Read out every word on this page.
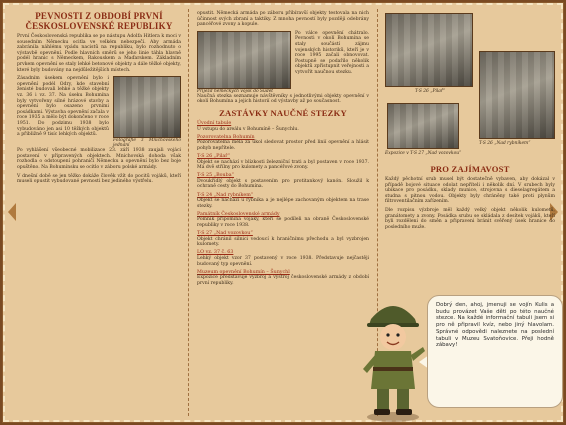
PEVNOSTI Z OBDOBÍ PRVNÍ ČESKOSLOVENSKÉ REPUBLIKY

První Československá republika se po nástupu Adolfa Hitlera k moci v sousedním Německu ocitla ve velkém nebezpečí. Aby armáda zabránila náhlému vpádu nacistů na republiku, bylo rozhodnuto o výstavbě opevnění. Podle hlavních směrů se jeho linie táhla hlavně podél hranic s Německem, Rakouskem a Maďarskem. Základním prvkem opevnění se staly lehké betonové objekty a dále těžké objekty, které byly budovány na nejdůležitějších místech.

Zásadním úsekem opevnění bylo i opevnění podél Odry, kde stavební ženisté budovali lehké a těžké objekty vz. 36 i vz. 37. Na úseku Bohumína byly vytvořeny silné hrázové stavby a opevnění bylo osazeno prvními posádkami. Výstavba opevnění začala v roce 1935 a mělo být dokončeno v roce 1951. Do podzimu 1938 bylo vybudováno jen asi 10 těžkých objektů a přibližně 9 tisíc lehkých objektů.

Fotografie z Mnichovského jednání

Po vyhlášení všeobecné mobilizace 23. září 1938 zaujali vojáci postavení v připravených objektech. Mnichovská dohoda však rozhodla o odstoupení pohraničí Německu a opevnění bylo bez boje opuštěno. Na Bohumínsku se ocitlo v záboru polské armády.

V dnešní době se jen těžko dokáže člověk vžít do pocitů vojáků, kteří museli opustit vybudované pevnosti bez jediného výstřelu.

opustit. Německá armáda po záboru přibíravší objekty testovala na nich účinnost svých zbraní a taktiky. Z mnoha pevností byly později odebrány pancéřové zvony a kopule.

Příjezd německých vojsk do Sudet

Po válce opevnění chátralo. Pevnosti v okolí Bohumína se staly součástí zájmu vojenských historiků, kteří je v roce 1995 začali obnovovat. Postupně se podařilo několik objektů zpřístupnit veřejnosti a vytvořit naučnou stezku.

Naučná stezka seznamuje návštěvníky s jednotlivými objekty opevnění v okolí Bohumína a jejich historií od výstavby až po současnost.

ZASTÁVKY NAUČNÉ STEZKY
Úvodní tabule
U vstupu do areálu v Bohumíně – Šunychlu.
Pozorovatelna Bohumín
Pozorovatelna měla za úkol sledovat prostor před linií opevnění a hlásit pohyb nepřítele.
T-S 26 „Pilař“
Objekt se nachází v blízkosti železniční trati a byl postaven v roce 1937. Má dvě střílny pro kulomety a pancéřové zvony.
T-S 25 „Bouba“
Dvoukřídlý objekt s postavením pro protitankový kanón. Sloužil k ochraně cesty do Bohumína.
T-S 24 „Nad rybníkem“
Objekt se nachází u rybníka a je nejlépe zachovaným objektem na trase stezky.
Památník Československé armády
Pomník připomíná vojáky, kteří se podíleli na obraně Československé republiky v roce 1938.
T-S 27 „Nad vozovkou“
Objekt chránil silnici vedoucí k hraničnímu přechodu a byl vyzbrojen kulomety.
LO vz. 37 č. 63
Lehký objekt vzor 37 postavený v roce 1938. Představuje nejčastěji budovaný typ opevnění.
Muzeum opevnění Bohumín – Šunychl
Expozice představuje výzbroj a výstroj československé armády z období první republiky.
T-S 26 „Pilař“
Expozice v T-S 27 „Nad vozovkou“
T-S 26 „Nad rybníkem“
PRO ZAJÍMAVOST

Každý pěchotní srub musel být dostatečně vybaven, aby dokázal v případě bojové situace odolat nepříteli i několik dní. V srubech byly ubikace pro posádku, sklady munice, strojovna s dieselagregátem a studna s pitnou vodou. Objekty byly chráněny také proti plynům filtroventilačním zařízením.

Dle rozpisu výzbroje měl každý velký objekt několik kulometů, granátomety a zvony. Posádka srubu se skládala z desítek vojáků, kteří byli rozděleni do směn a připraveni bránit svěřený úsek hranice do posledního muže.

Dobrý den, ahoj, jmenuji se vojín Kulis a budu provázet Vaše děti po této naučné stezce. Na každé informační tabuli jsem si pro ně připravil kvíz, nebo jiný hlavolam. Správné odpovědi naleznete na poslední tabuli v Muzeu Svatoňovice. Přeji hodně zábavy!
